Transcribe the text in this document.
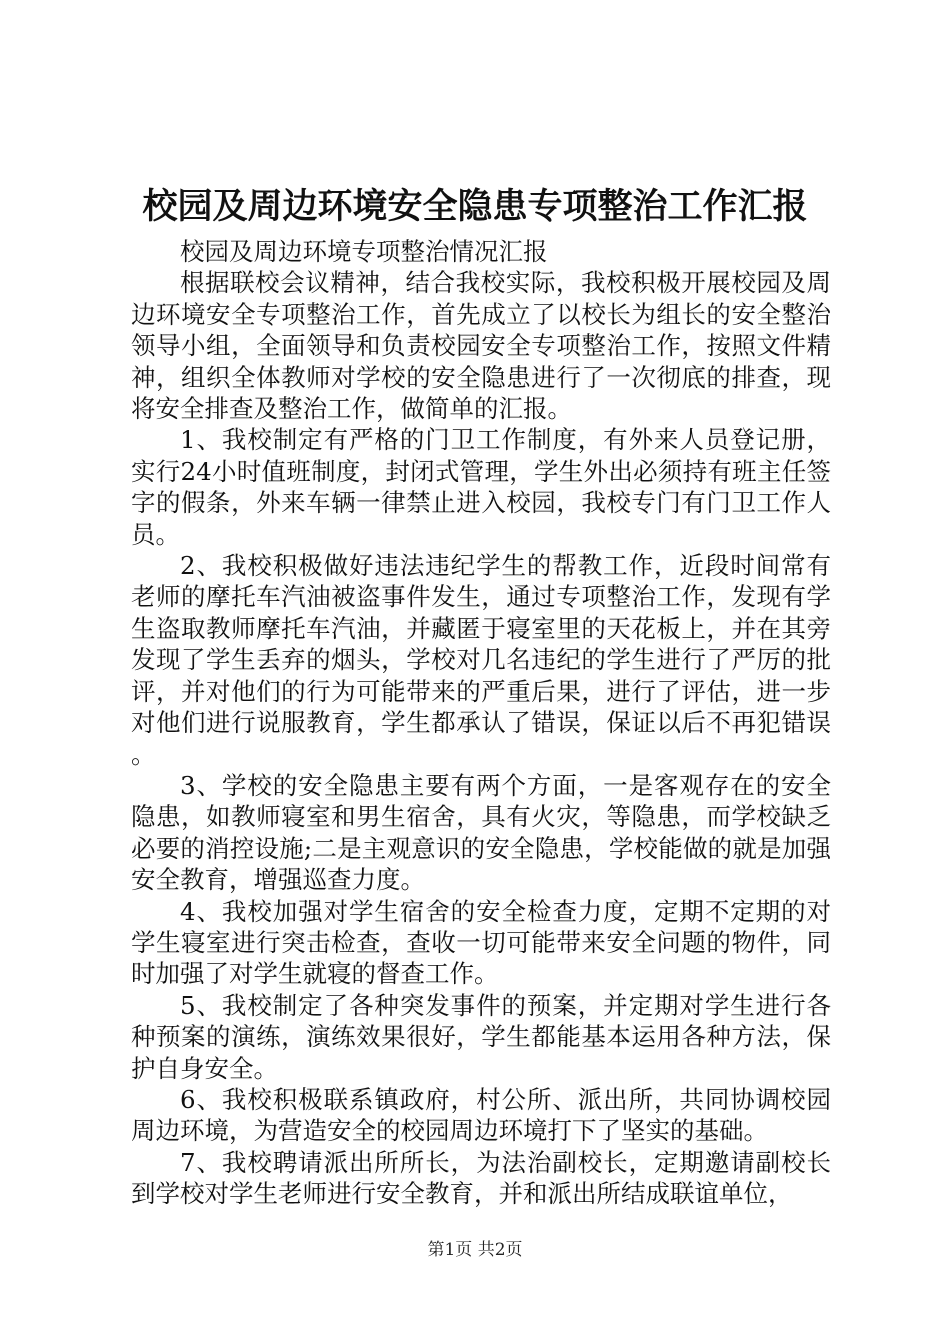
校园及周边环境安全隐患专项整治工作汇报

校园及周边环境专项整治情况汇报

根据联校会议精神，结合我校实际，我校积极开展校园及周边环境安全专项整治工作，首先成立了以校长为组长的安全整治领导小组，全面领导和负责校园安全专项整治工作，按照文件精神，组织全体教师对学校的安全隐患进行了一次彻底的排查，现将安全排查及整治工作，做简单的汇报。

1、我校制定有严格的门卫工作制度，有外来人员登记册，实行24小时值班制度，封闭式管理，学生外出必须持有班主任签字的假条，外来车辆一律禁止进入校园，我校专门有门卫工作人员。

2、我校积极做好违法违纪学生的帮教工作，近段时间常有老师的摩托车汽油被盗事件发生，通过专项整治工作，发现有学生盗取教师摩托车汽油，并藏匿于寝室里的天花板上，并在其旁发现了学生丢弃的烟头，学校对几名违纪的学生进行了严厉的批评，并对他们的行为可能带来的严重后果，进行了评估，进一步对他们进行说服教育，学生都承认了错误，保证以后不再犯错误。

3、学校的安全隐患主要有两个方面，一是客观存在的安全隐患，如教师寝室和男生宿舍，具有火灾，等隐患，而学校缺乏必要的消控设施;二是主观意识的安全隐患，学校能做的就是加强安全教育，增强巡查力度。

4、我校加强对学生宿舍的安全检查力度，定期不定期的对学生寝室进行突击检查，查收一切可能带来安全问题的物件，同时加强了对学生就寝的督查工作。

5、我校制定了各种突发事件的预案，并定期对学生进行各种预案的演练，演练效果很好，学生都能基本运用各种方法，保护自身安全。

6、我校积极联系镇政府，村公所、派出所，共同协调校园周边环境，为营造安全的校园周边环境打下了坚实的基础。

7、我校聘请派出所所长，为法治副校长，定期邀请副校长到学校对学生老师进行安全教育，并和派出所结成联谊单位，

第1页 共2页
